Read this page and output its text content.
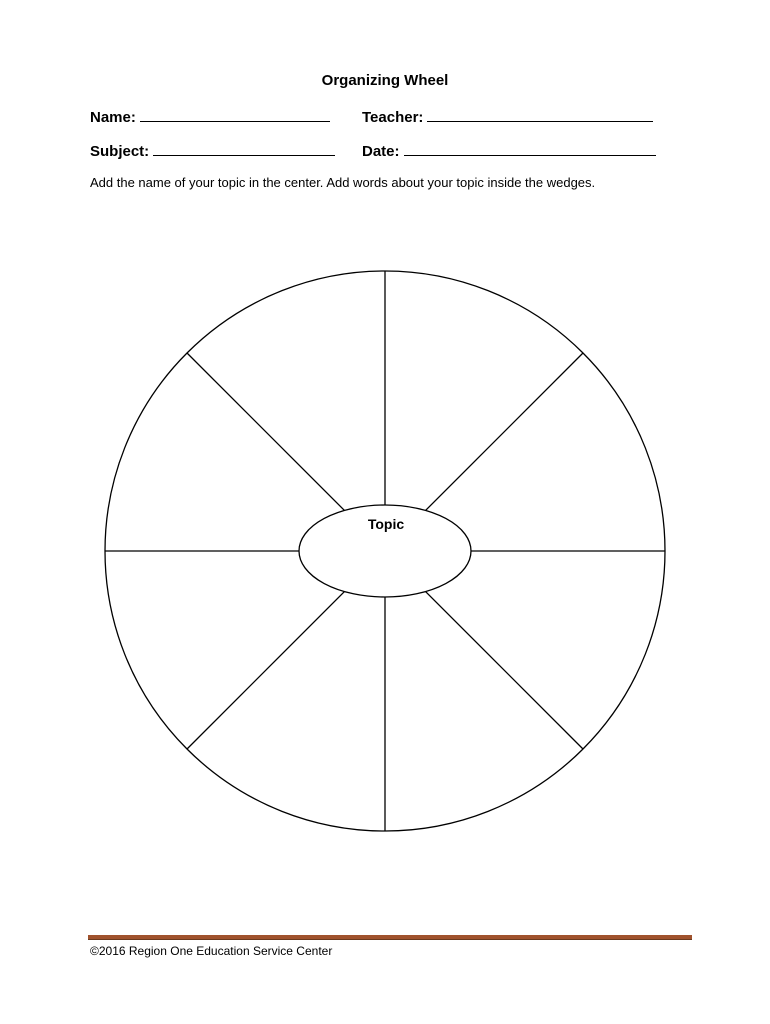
Organizing Wheel
Name:	Teacher:
Subject:	Date:
Add the name of your topic in the center. Add words about your topic inside the wedges.
Topic
©2016 Region One Education Service Center
